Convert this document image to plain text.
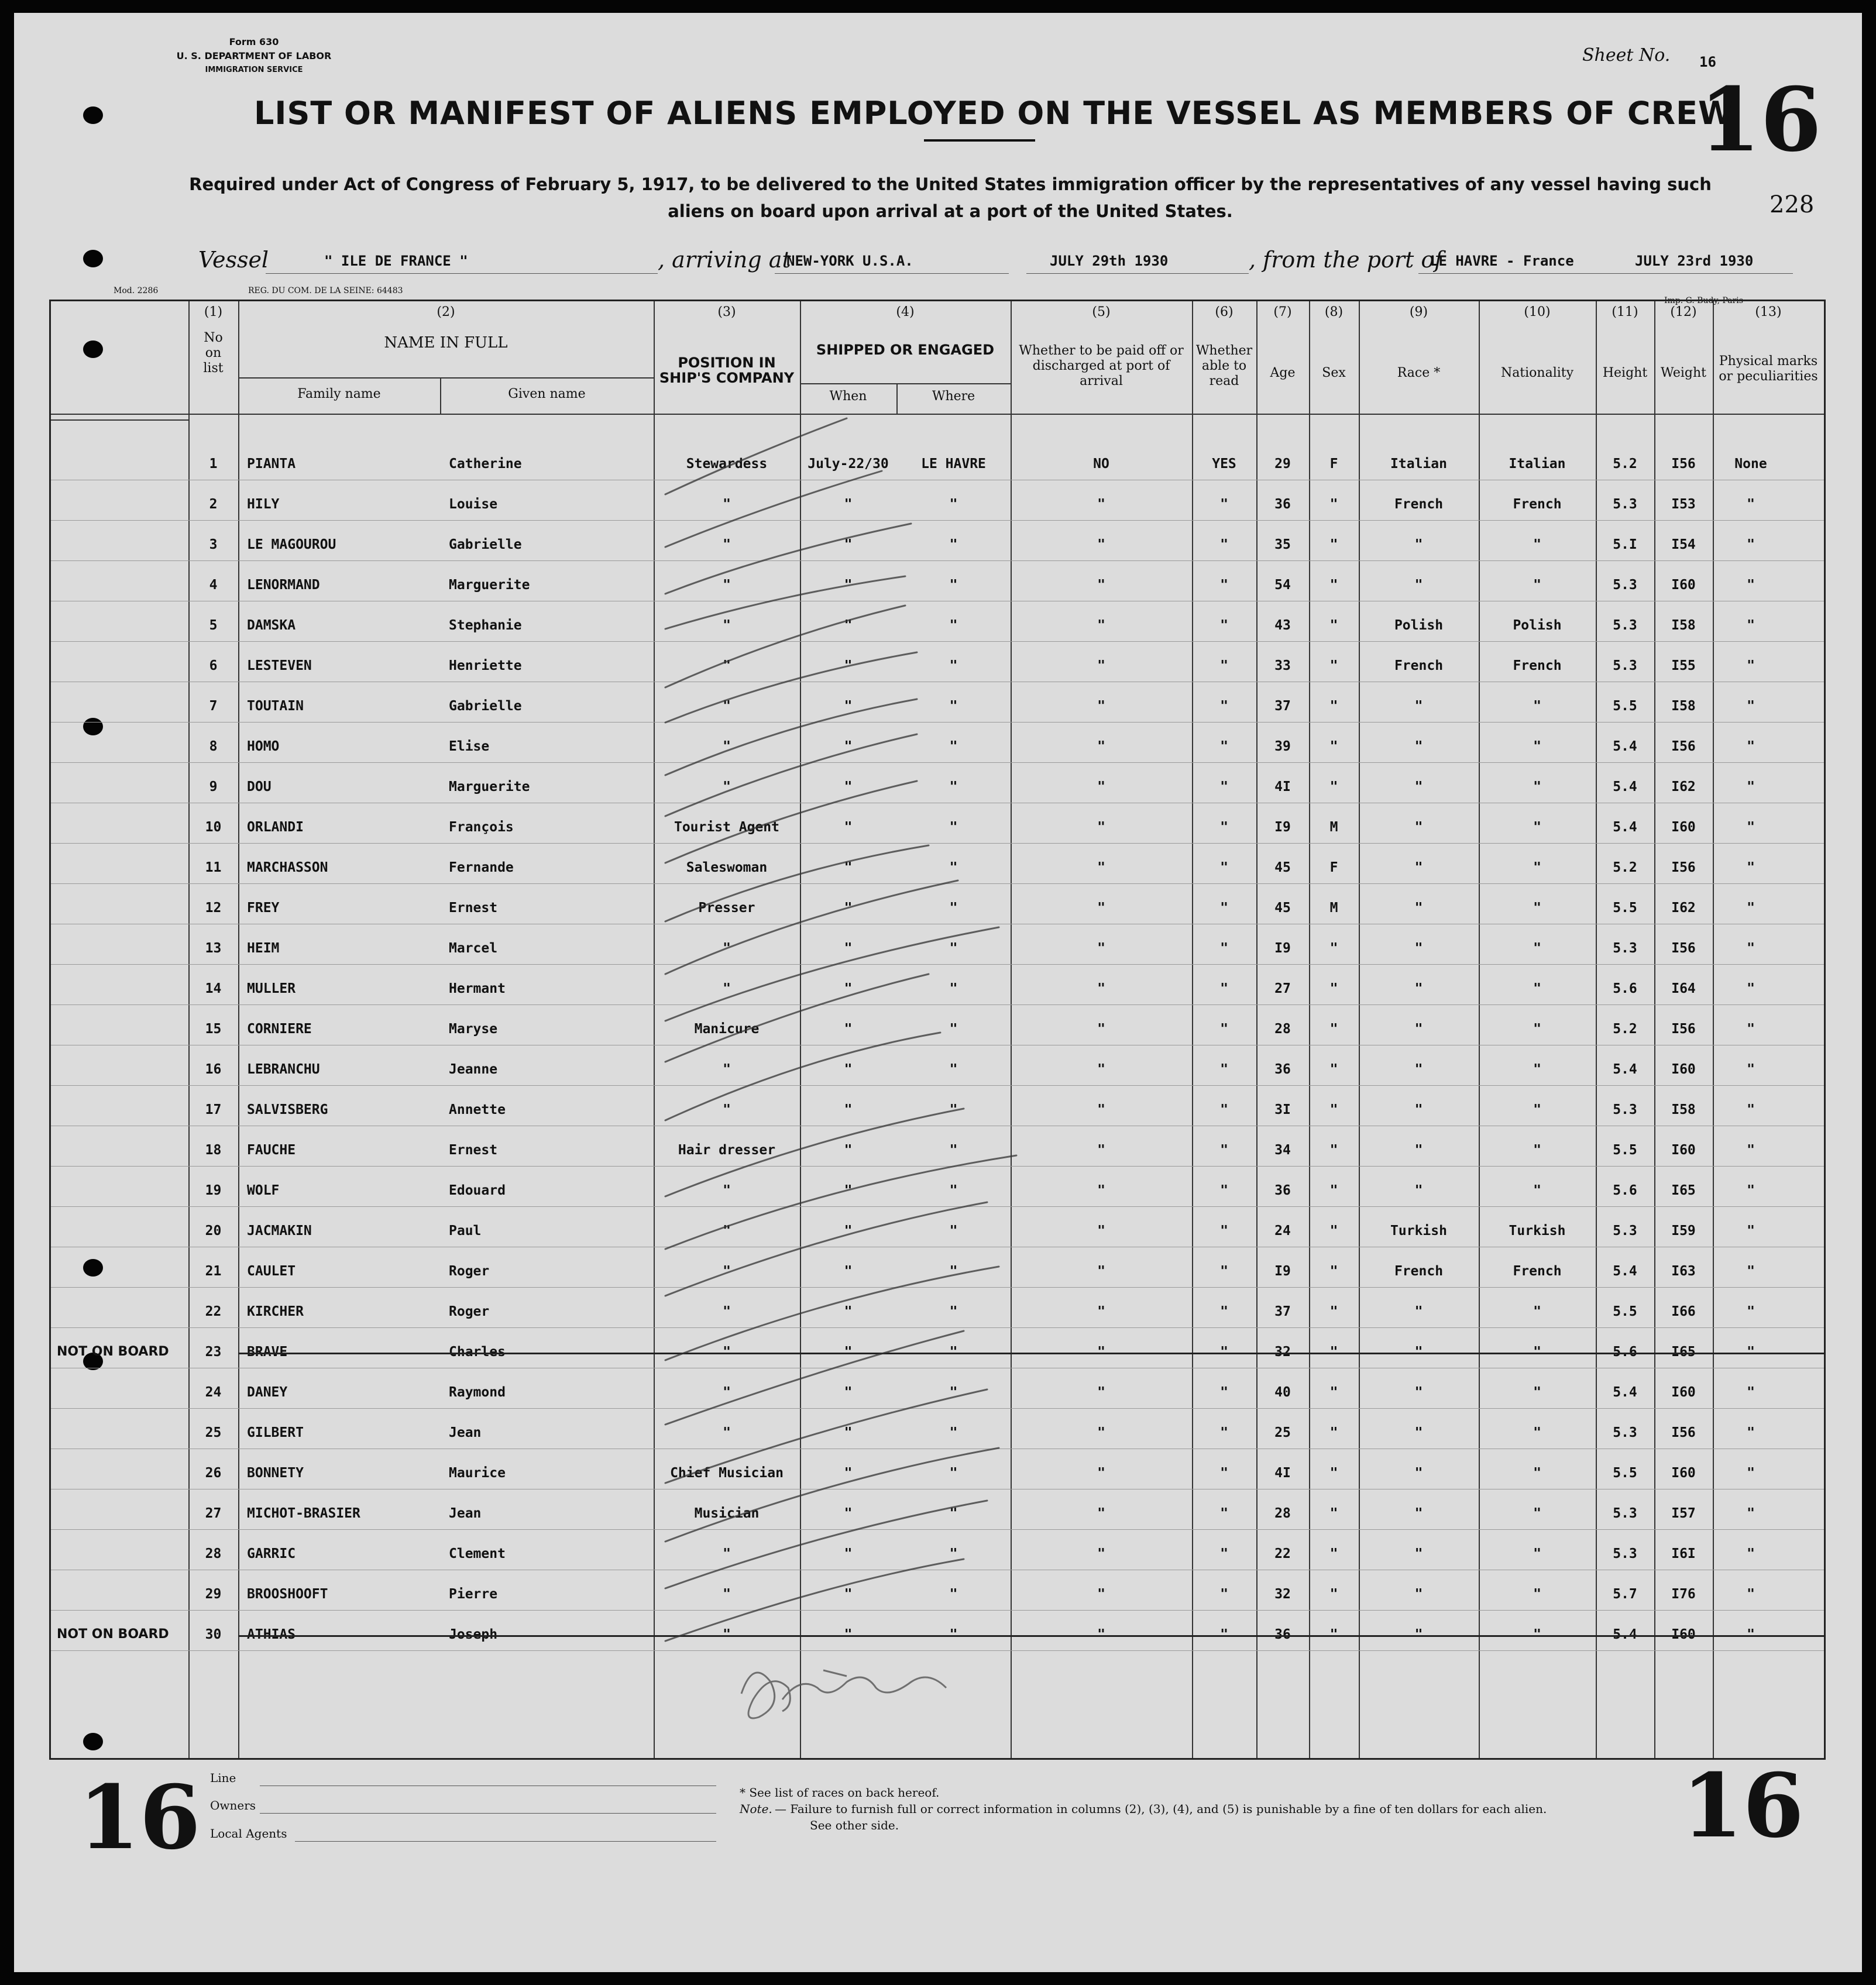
Form 630
U. S. DEPARTMENT OF LABOR
IMMIGRATION SERVICE
Sheet No. 16
16
228
LIST OR MANIFEST OF ALIENS EMPLOYED ON THE VESSEL AS MEMBERS OF CREW
Required under Act of Congress of February 5, 1917, to be delivered to the United States immigration officer by the representatives of any vessel having such aliens on board upon arrival at a port of the United States.
Vessel	" ILE DE FRANCE "	, arriving at
NEW-YORK U.S.A.	JULY 29th 1930	, from the port of
LE HAVRE - France	JULY 23rd 1930
Mod. 2286	REG. DU COM. DE LA SEINE: 64483
Imp. G. Budy, Paris
(1)
No on list
(2)
NAME IN FULL
Family name	Given name
(3)
POSITION IN SHIP'S COMPANY
(4)
SHIPPED OR ENGAGED
When	Where
(5)
Whether to be paid off or discharged at port of arrival
(6)
Whether able to read
(7)
Age
(8)
Sex
(9)
Race *
(10)
Nationality
(11)
Height
(12)
Weight
(13)
Physical marks or peculiarities
1	PIANTA	Catherine	Stewardess	July-22/30	LE HAVRE	NO	YES	29	F	Italian	Italian	5.2	I56	None
2	HILY	Louise	"	"	"	"	"	36	"	French	French	5.3	I53	"
3	LE MAGOUROU	Gabrielle	"	"	"	"	"	35	"	"	"	5.I	I54	"
4	LENORMAND	Marguerite	"	"	"	"	"	54	"	"	"	5.3	I60	"
5	DAMSKA	Stephanie	"	"	"	"	"	43	"	Polish	Polish	5.3	I58	"
6	LESTEVEN	Henriette	"	"	"	"	"	33	"	French	French	5.3	I55	"
7	TOUTAIN	Gabrielle	"	"	"	"	"	37	"	"	"	5.5	I58	"
8	HOMO	Elise	"	"	"	"	"	39	"	"	"	5.4	I56	"
9	DOU	Marguerite	"	"	"	"	"	4I	"	"	"	5.4	I62	"
10	ORLANDI	François	Tourist Agent	"	"	"	"	I9	M	"	"	5.4	I60	"
11	MARCHASSON	Fernande	Saleswoman	"	"	"	"	45	F	"	"	5.2	I56	"
12	FREY	Ernest	Presser	"	"	"	"	45	M	"	"	5.5	I62	"
13	HEIM	Marcel	"	"	"	"	"	I9	"	"	"	5.3	I56	"
14	MULLER	Hermant	"	"	"	"	"	27	"	"	"	5.6	I64	"
15	CORNIERE	Maryse	Manicure	"	"	"	"	28	"	"	"	5.2	I56	"
16	LEBRANCHU	Jeanne	"	"	"	"	"	36	"	"	"	5.4	I60	"
17	SALVISBERG	Annette	"	"	"	"	"	3I	"	"	"	5.3	I58	"
18	FAUCHE	Ernest	Hair dresser	"	"	"	"	34	"	"	"	5.5	I60	"
19	WOLF	Edouard	"	"	"	"	"	36	"	"	"	5.6	I65	"
20	JACMAKIN	Paul	"	"	"	"	"	24	"	Turkish	Turkish	5.3	I59	"
21	CAULET	Roger	"	"	"	"	"	I9	"	French	French	5.4	I63	"
22	KIRCHER	Roger	"	"	"	"	"	37	"	"	"	5.5	I66	"
23	BRAVE	Charles	"	"	"	"	"	32	"	"	"	5.6	I65	"
NOT ON BOARD
24	DANEY	Raymond	"	"	"	"	"	40	"	"	"	5.4	I60	"
25	GILBERT	Jean	"	"	"	"	"	25	"	"	"	5.3	I56	"
26	BONNETY	Maurice	Chief Musician	"	"	"	"	4I	"	"	"	5.5	I60	"
27	MICHOT-BRASIER	Jean	Musician	"	"	"	"	28	"	"	"	5.3	I57	"
28	GARRIC	Clement	"	"	"	"	"	22	"	"	"	5.3	I6I	"
29	BROOSHOOFT	Pierre	"	"	"	"	"	32	"	"	"	5.7	I76	"
30	ATHIAS	Joseph	"	"	"	"	"	36	"	"	"	5.4	I60	"
NOT ON BOARD
16	16
Line
Owners
Local Agents
* See list of races on back hereof.
Note. — Failure to furnish full or correct information in columns (2), (3), (4), and (5) is punishable by a fine of ten dollars for each alien.
See other side.
